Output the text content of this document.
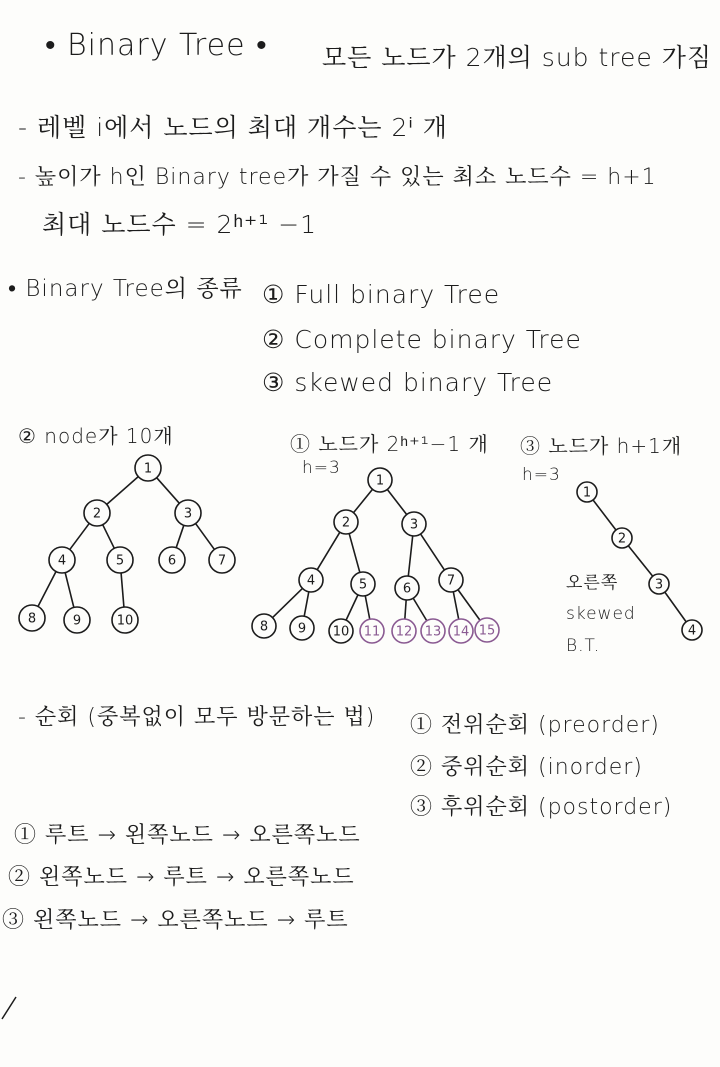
• Binary Tree • 모든 노드가 2개의 sub tree 가짐
- 레벨 i에서 노드의 최대 개수는 2ⁱ 개
- 높이가 h인 Binary tree가 가질 수 있는 최소 노드수 = h+1
최대 노드수 = 2ʰ⁺¹ −1
• Binary Tree의 종류 ① Full binary Tree
② Complete binary Tree
③ skewed binary Tree
② node가 10개	① 노드가 2ʰ⁺¹−1 개
h=3
③ 노드가 h+1개
h=3
오른쪽
skewed
B.T.
1
2	3
4	5	6	7
8	9	10
1
2	3
4	5	6
7
8 9 10 11 12 13 14 15
1
2
3
4
- 순회 (중복없이 모두 방문하는 법) ① 전위순회 (preorder)
② 중위순회 (inorder)
③ 후위순회 (postorder)
① 루트 → 왼쪽노드 → 오른쪽노드
② 왼쪽노드 → 루트 → 오른쪽노드
③ 왼쪽노드 → 오른쪽노드 → 루트
